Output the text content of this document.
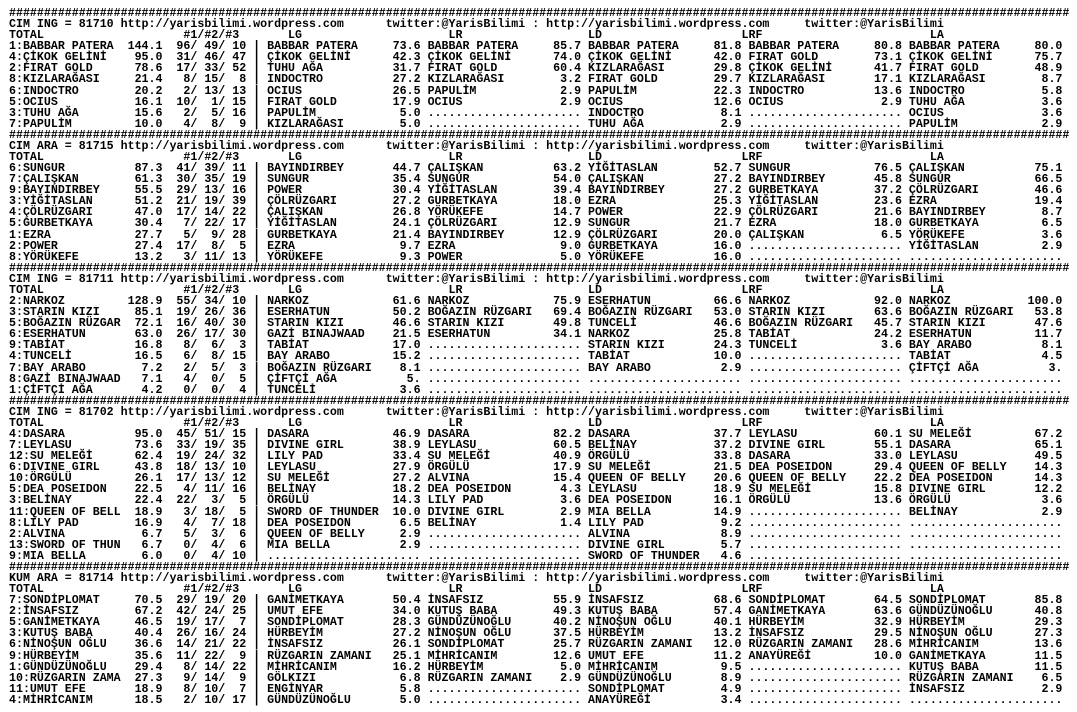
########################################################################################################################################################
CIM ING = 81710 http://yarisbilimi.wordpress.com      twitter:@YarisBilimi : http://yarisbilimi.wordpress.com     twitter:@YarisBilimi
TOTAL                    #1/#2/#3       LG                     LR                  LD                    LRF                        LA
1:BABBAR PATERA  144.1  96/ 49/ 10 | BABBAR PATERA     73.6 BABBAR PATERA     85.7 BABBAR PATERA     81.8 BABBAR PATERA     80.8 BABBAR PATERA     80.0
4:ÇİKOK GELİNİ    95.0  31/ 46/ 47 | ÇİKOK GELİNİ      42.3 ÇİKOK GELİNİ      74.0 ÇİKOK GELİNİ      42.0 FIRAT GOLD        73.1 ÇİKOK GELİNİ      75.7
2:FIRAT GOLD      78.6  17/ 33/ 52 | TUHU AĞA          31.7 FIRAT GOLD        60.4 KIZLARAĞASI       29.8 ÇİKOK GELİNİ      41.7 FIRAT GOLD        48.9
8:KIZLARAĞASI     21.4   8/ 15/  8 | INDOCTRO          27.2 KIZLARAĞASI        3.2 FIRAT GOLD        29.7 KIZLARAĞASI       17.1 KIZLARAĞASI        8.7
6:INDOCTRO        20.2   2/ 13/ 13 | OCIUS             26.5 PAPULİM            2.9 PAPULİM           22.3 INDOCTRO          13.6 INDOCTRO           5.8
5:OCIUS           16.1  10/  1/ 15 | FIRAT GOLD        17.9 OCIUS              2.9 OCIUS             12.6 OCIUS              2.9 TUHU AĞA           3.6
3:TUHU AĞA        15.6   2/  5/ 16 | PAPULİM            5.0 ...................... INDOCTRO           8.1 ...................... OCIUS              3.6
7:PAPULİM         10.0   4/  8/  9 | KIZLARAĞASI        5.0 ...................... TUHU AĞA           2.9 ...................... PAPULİM            2.9
########################################################################################################################################################
CIM ARA = 81715 http://yarisbilimi.wordpress.com      twitter:@YarisBilimi : http://yarisbilimi.wordpress.com     twitter:@YarisBilimi
TOTAL                    #1/#2/#3       LG                     LR                  LD                    LRF                        LA
6:SUNGUR          87.3  41/ 39/ 11 | BAYINDIRBEY       44.7 ÇALIŞKAN          63.2 YİĞİTASLAN        52.7 SUNGUR            76.5 ÇALIŞKAN          75.1
7:ÇALIŞKAN        61.3  30/ 35/ 19 | SUNGUR            35.4 SUNGUR            54.0 ÇALIŞKAN          27.2 BAYINDIRBEY       45.8 SUNGUR            66.5
9:BAYINDIRBEY     55.5  29/ 13/ 16 | POWER             30.4 YİĞİTASLAN        39.4 BAYINDIRBEY       27.2 GURBETKAYA        37.2 ÇÖLRÜZGARI        46.6
3:YİĞİTASLAN      51.2  21/ 19/ 39 | ÇÖLRÜZGARI        27.2 GURBETKAYA        18.0 EZRA              25.3 YİĞİTASLAN        23.6 EZRA              19.4
4:ÇÖLRÜZGARI      47.0  17/ 14/ 22 | ÇALIŞKAN          26.8 YÖRÜKEFE          14.7 POWER             22.9 ÇÖLRÜZGARI        21.6 BAYINDIRBEY        8.7
5:GURBETKAYA      30.4   7/ 22/ 17 | YİĞİTASLAN        24.1 ÇÖLRÜZGARI        12.9 SUNGUR            21.7 EZRA              18.0 GURBETKAYA         6.5
1:EZRA            27.7   5/  9/ 28 | GURBETKAYA        21.4 BAYINDIRBEY       12.9 ÇÖLRÜZGARI        20.0 ÇALIŞKAN           6.5 YÖRÜKEFE           3.6
2:POWER           27.4  17/  8/  5 | EZRA               9.7 EZRA               9.0 GURBETKAYA        16.0 ...................... YİĞİTASLAN         2.9
8:YÖRÜKEFE        13.2   3/ 11/ 13 | YÖRÜKEFE           9.3 POWER              5.0 YÖRÜKEFE          16.0 ...................... ......................
########################################################################################################################################################
CIM ING = 81711 http://yarisbilimi.wordpress.com      twitter:@YarisBilimi : http://yarisbilimi.wordpress.com     twitter:@YarisBilimi
TOTAL                    #1/#2/#3       LG                     LR                  LD                    LRF                        LA
2:NARKOZ         128.9  55/ 34/ 10 | NARKOZ            61.6 NARKOZ            75.9 ESERHATUN         66.6 NARKOZ            92.0 NARKOZ           100.0
3:STARIN KIZI     85.1  19/ 26/ 36 | ESERHATUN         50.2 BOĞAZIN RÜZGARI   69.4 BOĞAZIN RÜZGARI   53.0 STARIN KIZI       63.6 BOĞAZIN RÜZGARI   53.8
5:BOĞAZIN RÜZGAR  72.1  16/ 40/ 30 | STARIN KIZI       46.6 STARIN KIZI       49.8 TUNCELİ           46.6 BOĞAZIN RÜZGARI   45.7 STARIN KIZI       47.6
6:ESERHATUN       63.0  26/ 17/ 30 | GAZİ BINAJWAAD    21.5 ESERHATUN         34.1 NARKOZ            25.8 TABİAT            24.2 ESERHATUN         11.7
9:TABİAT          16.8   8/  6/  3 | TABİAT            17.0 ...................... STARIN KIZI       24.3 TUNCELİ            3.6 BAY ARABO          8.1
4:TUNCELİ         16.5   6/  8/ 15 | BAY ARABO         15.2 ...................... TABİAT            10.0 ...................... TABİAT             4.5
7:BAY ARABO        7.2   2/  5/  3 | BOĞAZIN RÜZGARI    8.1 ...................... BAY ARABO          2.9 ...................... ÇİFTÇİ AĞA          3.
8:GAZİ BINAJWAAD   7.1   4/  0/  5 | ÇİFTÇİ AĞA          5. ...................... ...................... ...................... ......................
1:ÇİFTÇİ AĞA       4.2   0/  0/  4 | TUNCELİ            3.6 ...................... ...................... ...................... ......................
########################################################################################################################################################
CIM ING = 81702 http://yarisbilimi.wordpress.com      twitter:@YarisBilimi : http://yarisbilimi.wordpress.com     twitter:@YarisBilimi
TOTAL                    #1/#2/#3       LG                     LR                  LD                    LRF                        LA
4:DASARA          95.0  45/ 51/ 15 | DASARA            46.9 DASARA            82.2 DASARA            37.7 LEYLASU           60.1 SU MELEĞİ         67.2
7:LEYLASU         73.6  33/ 19/ 35 | DIVINE GIRL       38.9 LEYLASU           60.5 BELİNAY           37.2 DIVINE GIRL       55.1 DASARA            65.1
12:SU MELEĞİ      62.4  19/ 24/ 32 | LILY PAD          33.4 SU MELEĞİ         40.9 ÖRGÜLÜ            33.8 DASARA            33.0 LEYLASU           49.5
6:DIVINE GIRL     43.8  18/ 13/ 10 | LEYLASU           27.9 ÖRGÜLÜ            17.9 SU MELEĞİ         21.5 DEA POSEIDON      29.4 QUEEN OF BELLY    14.3
10:ÖRGÜLÜ         26.1  17/ 13/ 12 | SU MELEĞİ         27.2 ALVINA            15.4 QUEEN OF BELLY    20.6 QUEEN OF BELLY    22.2 DEA POSEIDON      14.3
5:DEA POSEIDON    22.5   4/ 11/ 16 | BELİNAY           18.2 DEA POSEIDON       4.3 LEYLASU           18.9 SU MELEĞİ         15.8 DIVINE GIRL       12.2
3:BELİNAY         22.4  22/  3/  5 | ÖRGÜLÜ            14.3 LILY PAD           3.6 DEA POSEIDON      16.1 ÖRGÜLÜ            13.6 ÖRGÜLÜ             3.6
11:QUEEN OF BELL  18.9   3/ 18/  5 | SWORD OF THUNDER  10.0 DIVINE GIRL        2.9 MIA BELLA         14.9 ...................... BELİNAY            2.9
8:LILY PAD        16.9   4/  7/ 18 | DEA POSEIDON       6.5 BELİNAY            1.4 LILY PAD           9.2 ...................... ......................
2:ALVINA           6.7   5/  3/  6 | QUEEN OF BELLY     2.9 ...................... ALVINA             8.9 ...................... ......................
13:SWORD OF THUN   6.7   0/  4/  6 | MIA BELLA          2.9 ...................... DIVINE GIRL        5.7 ...................... ......................
9:MIA BELLA        6.0   0/  4/ 10 | ...................... ...................... SWORD OF THUNDER   4.6 ...................... ......................
########################################################################################################################################################
KUM ARA = 81714 http://yarisbilimi.wordpress.com      twitter:@YarisBilimi : http://yarisbilimi.wordpress.com     twitter:@YarisBilimi
TOTAL                    #1/#2/#3       LG                     LR                  LD                    LRF                        LA
7:SONDİPLOMAT     70.5  29/ 19/ 20 | GANİMETKAYA       50.4 İNSAFSIZ          55.9 İNSAFSIZ          68.6 SONDİPLOMAT       64.5 SONDİPLOMAT       85.8
2:İNSAFSIZ        67.2  42/ 24/ 25 | UMUT EFE          34.0 KUTUŞ BABA        49.3 KUTUŞ BABA        57.4 GANİMETKAYA       63.6 GÜNDÜZÜNOĞLU      40.8
5:GANİMETKAYA     46.5  19/ 17/  7 | SONDİPLOMAT       28.3 GÜNDÜZÜNOĞLU      40.2 NİNOŞUN OĞLU      40.1 HÜRBEYİM          32.9 HÜRBEYİM          29.3
3:KUTUŞ BABA      40.4  26/ 16/ 24 | HÜRBEYİM          27.2 NİNOŞUN OĞLU      37.5 HÜRBEYİM          13.2 İNSAFSIZ          29.5 NİNOŞUN OĞLU      27.3
6:NİNOŞUN OĞLU    36.6  14/ 21/ 22 | İNSAFSIZ          26.1 SONDİPLOMAT       25.7 RÜZGARIN ZAMANI   12.0 RÜZGARIN ZAMANI   28.6 MİHRİCANIM        13.6
9:HÜRBEYİM        35.6  11/ 22/  9 | RÜZGARIN ZAMANI   25.1 MİHRİCANIM        12.6 UMUT EFE          11.2 ANAYÜREĞİ         10.0 GANİMETKAYA       11.5
1:GÜNDÜZÜNOĞLU    29.4   8/ 14/ 22 | MİHRİCANIM        16.2 HÜRBEYİM           5.0 MİHRİCANIM         9.5 ...................... KUTUŞ BABA        11.5
10:RÜZGARIN ZAMA  27.3   9/ 14/  9 | GÖLKIZI            6.8 RÜZGARIN ZAMANI    2.9 GÜNDÜZÜNOĞLU       8.9 ...................... RÜZGARIN ZAMANI    6.5
11:UMUT EFE       18.9   8/ 10/  7 | ENGİNYAR           5.8 ...................... SONDİPLOMAT        4.9 ...................... İNSAFSIZ           2.9
4:MİHRİCANIM      18.5   2/ 10/ 17 | GÜNDÜZÜNOĞLU       5.0 ...................... ANAYÜREĞİ          3.4 ...................... ......................
